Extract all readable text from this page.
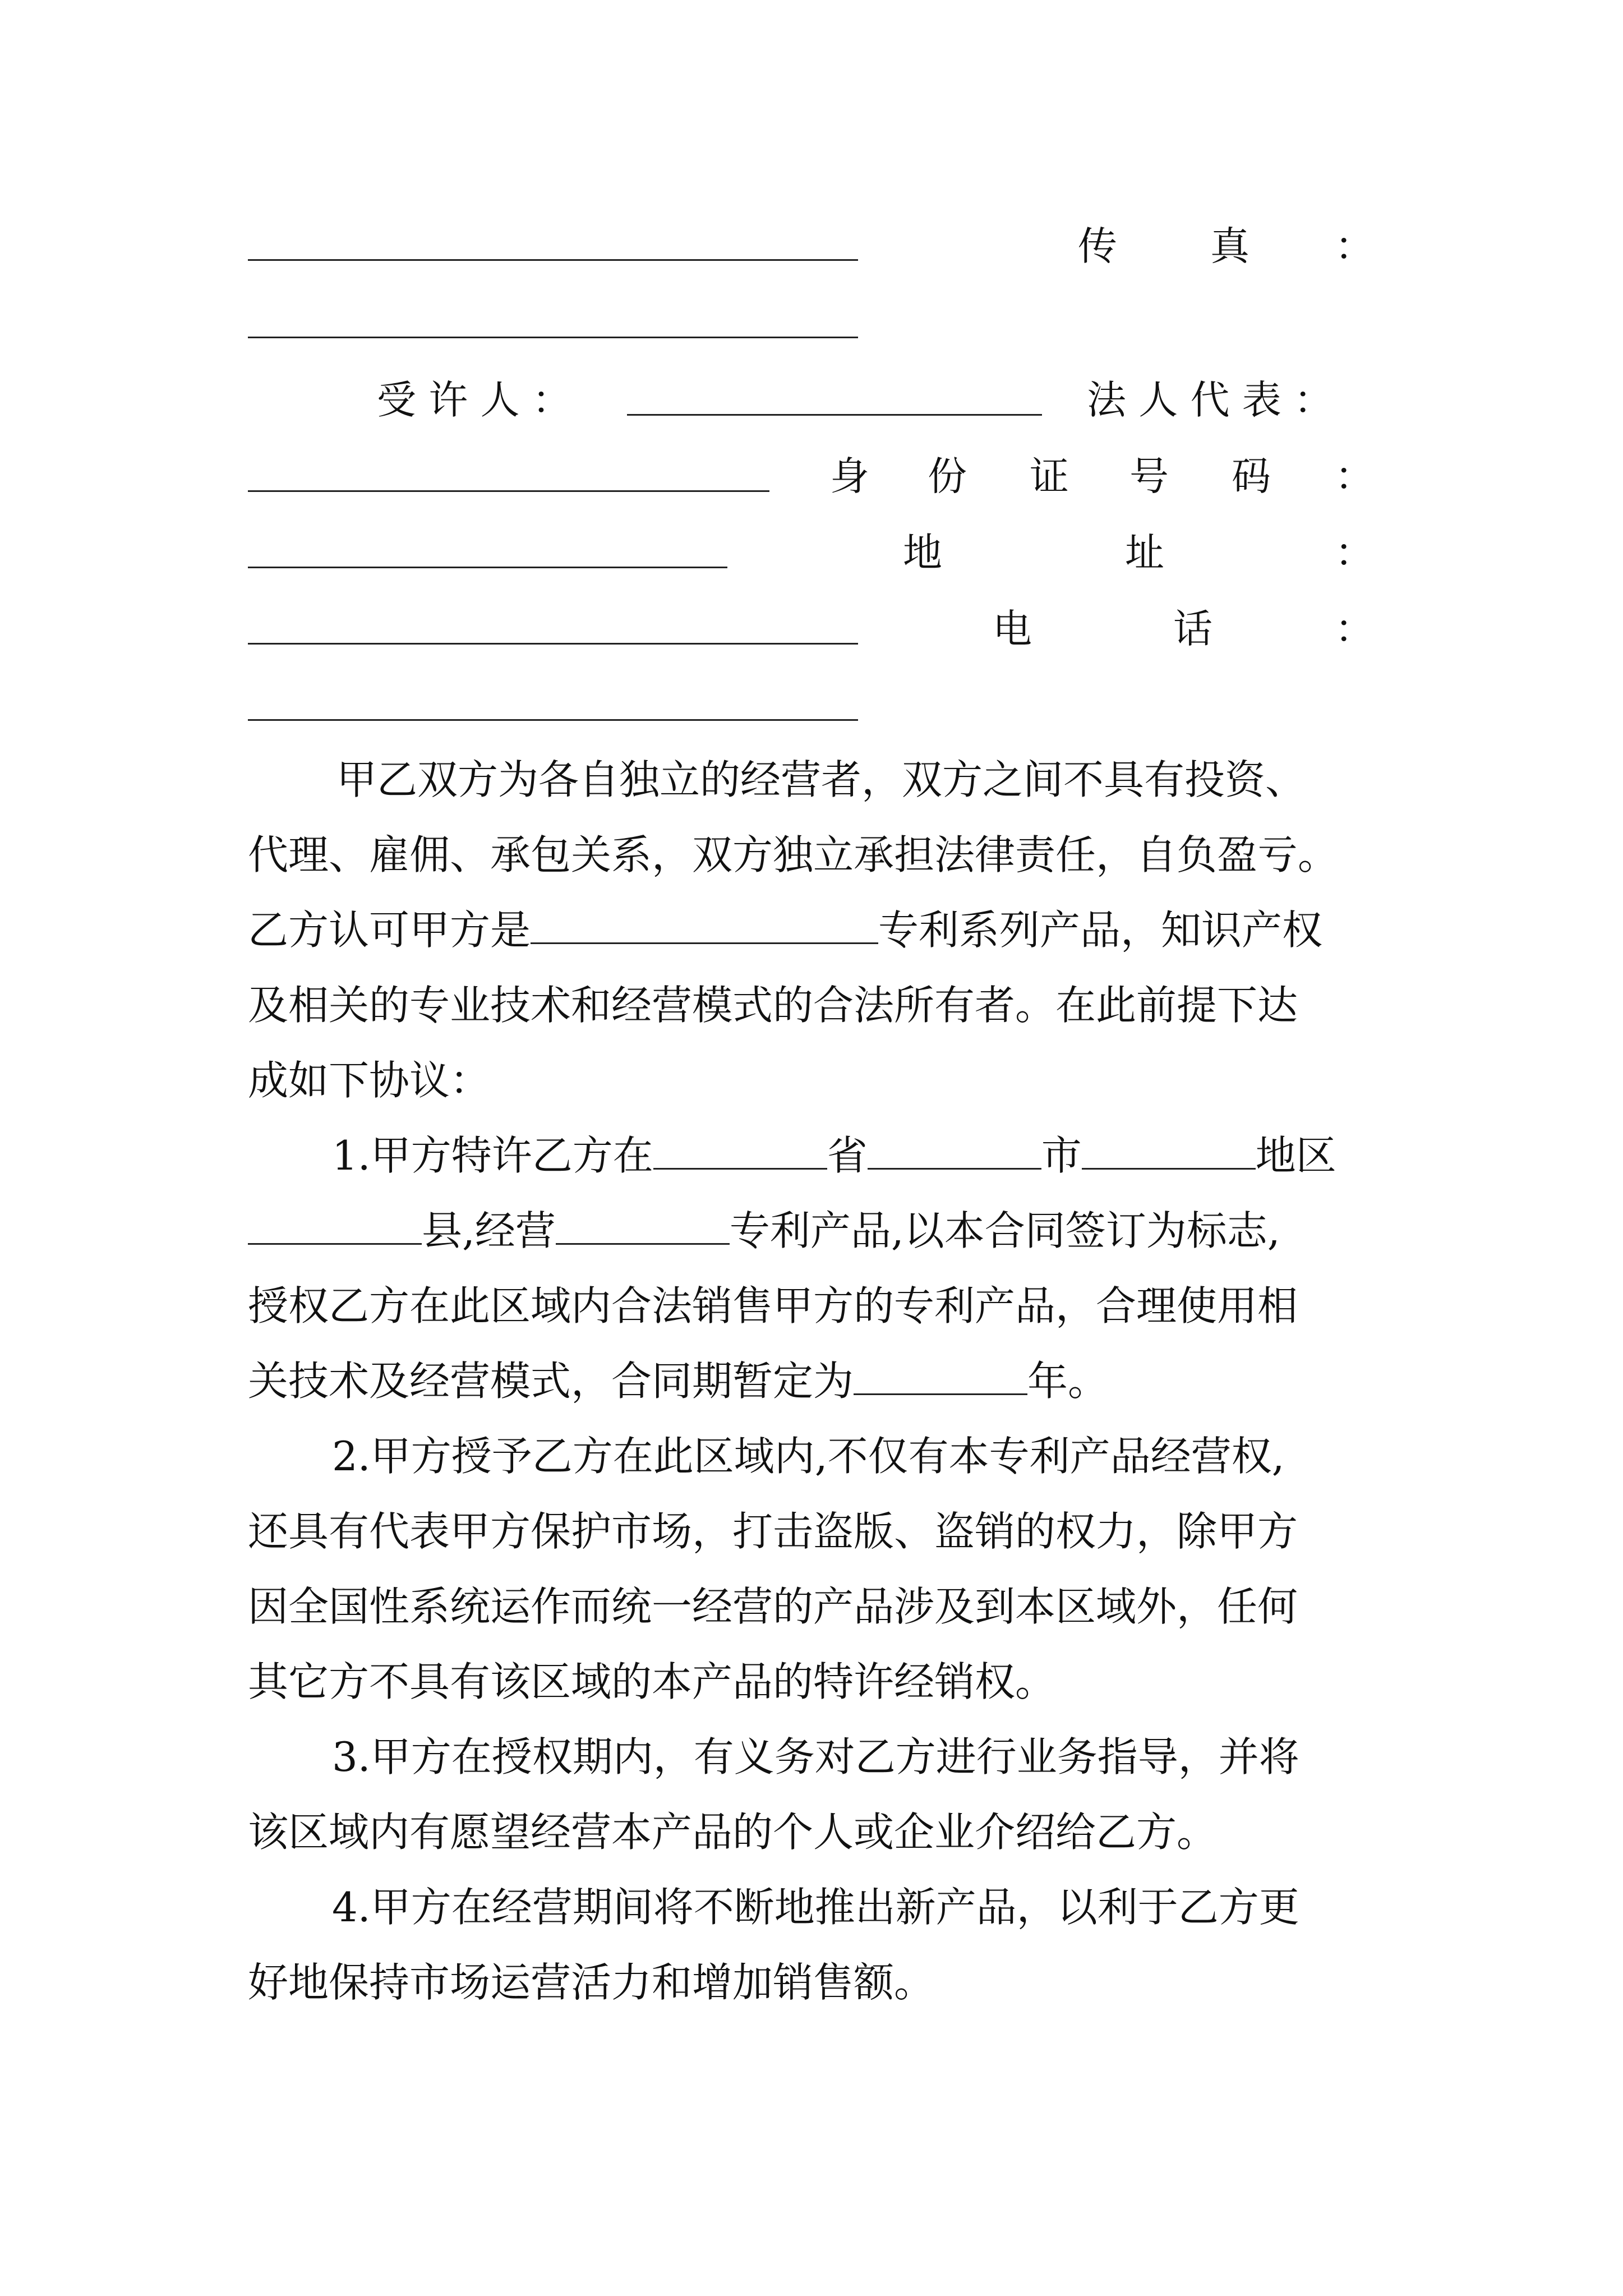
传 真 ：
受 许 人 ：	法 人 代 表 ：
身 份 证 号 码 ：
地	址	：
电	话	：
甲乙双方为各自独立的经营者，双方之间不具有投资、
代理、雇佣、承包关系，双方独立承担法律责任，自负盈亏。
乙方认可甲方是	专利系列产品，知识产权
及相关的专业技术和经营模式的合法所有者。在此前提下达
成如下协议：
1.甲方特许乙方在	省	市	地区
县,经营	专利产品,以本合同签订为标志,
授权乙方在此区域内合法销售甲方的专利产品，合理使用相
关技术及经营模式，合同期暂定为	年。
2.甲方授予乙方在此区域内,不仅有本专利产品经营权,
还具有代表甲方保护市场，打击盗版、盗销的权力，除甲方
因全国性系统运作而统一经营的产品涉及到本区域外，任何
其它方不具有该区域的本产品的特许经销权。
3.甲方在授权期内，有义务对乙方进行业务指导，并将
该区域内有愿望经营本产品的个人或企业介绍给乙方。
4.甲方在经营期间将不断地推出新产品，以利于乙方更
好地保持市场运营活力和增加销售额。
